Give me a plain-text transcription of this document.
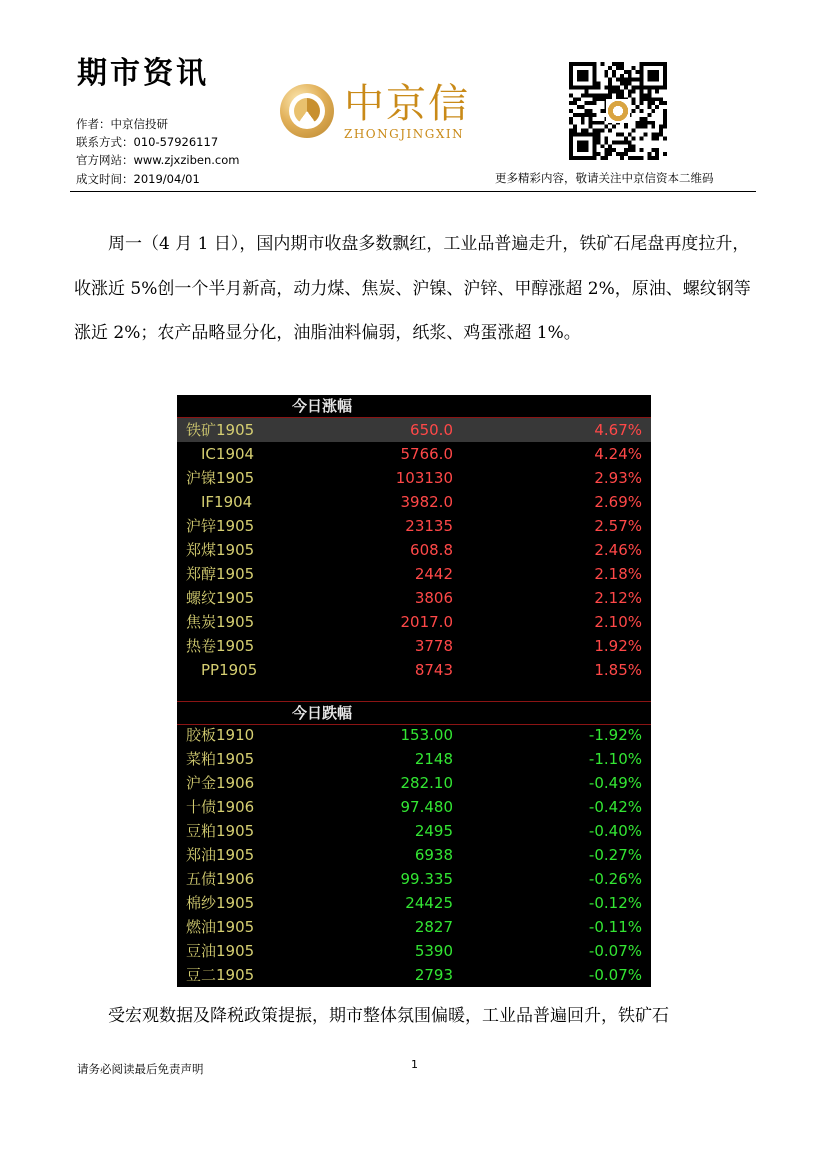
期市资讯
作者：中京信投研
联系方式：010-57926117
官方网站：www.zjxziben.com
成文时间：2019/04/01
中京信
ZHONGJINGXIN
更多精彩内容，敬请关注中京信资本二维码
周一（4 月 1 日），国内期市收盘多数飘红，工业品普遍走升，铁矿石尾盘再度拉升，收涨近 5%创一个半月新高，动力煤、焦炭、沪镍、沪锌、甲醇涨超 2%，原油、螺纹钢等涨近 2%；农产品略显分化，油脂油料偏弱，纸浆、鸡蛋涨超 1%。
今日涨幅
铁矿1905	650.0	4.67%
IC1904	5766.0	4.24%
沪镍1905	103130	2.93%
IF1904	3982.0	2.69%
沪锌1905	23135	2.57%
郑煤1905	608.8	2.46%
郑醇1905	2442	2.18%
螺纹1905	3806	2.12%
焦炭1905	2017.0	2.10%
热卷1905	3778	1.92%
PP1905	8743	1.85%
今日跌幅
胶板1910	153.00	-1.92%
菜粕1905	2148	-1.10%
沪金1906	282.10	-0.49%
十债1906	97.480	-0.42%
豆粕1905	2495	-0.40%
郑油1905	6938	-0.27%
五债1906	99.335	-0.26%
棉纱1905	24425	-0.12%
燃油1905	2827	-0.11%
豆油1905	5390	-0.07%
豆二1905	2793	-0.07%
受宏观数据及降税政策提振，期市整体氛围偏暖，工业品普遍回升，铁矿石
请务必阅读最后免责声明	1
